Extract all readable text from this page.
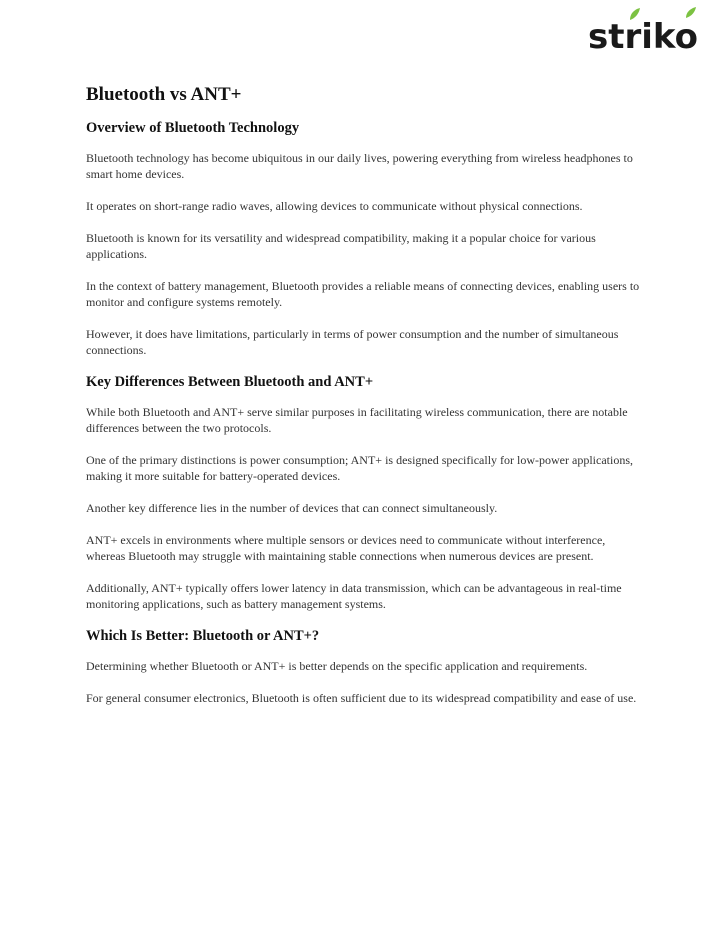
striko
Bluetooth vs ANT+
Overview of Bluetooth Technology

Bluetooth technology has become ubiquitous in our daily lives, powering everything from wireless headphones to smart home devices.

It operates on short-range radio waves, allowing devices to communicate without physical connections.

Bluetooth is known for its versatility and widespread compatibility, making it a popular choice for various applications.

In the context of battery management, Bluetooth provides a reliable means of connecting devices, enabling users to monitor and configure systems remotely.

However, it does have limitations, particularly in terms of power consumption and the number of simultaneous connections.

Key Differences Between Bluetooth and ANT+

While both Bluetooth and ANT+ serve similar purposes in facilitating wireless communication, there are notable differences between the two protocols.

One of the primary distinctions is power consumption; ANT+ is designed specifically for low-power applications, making it more suitable for battery-operated devices.

Another key difference lies in the number of devices that can connect simultaneously.

ANT+ excels in environments where multiple sensors or devices need to communicate without interference, whereas Bluetooth may struggle with maintaining stable connections when numerous devices are present.

Additionally, ANT+ typically offers lower latency in data transmission, which can be advantageous in real-time monitoring applications, such as battery management systems.

Which Is Better: Bluetooth or ANT+?

Determining whether Bluetooth or ANT+ is better depends on the specific application and requirements.

For general consumer electronics, Bluetooth is often sufficient due to its widespread compatibility and ease of use.
